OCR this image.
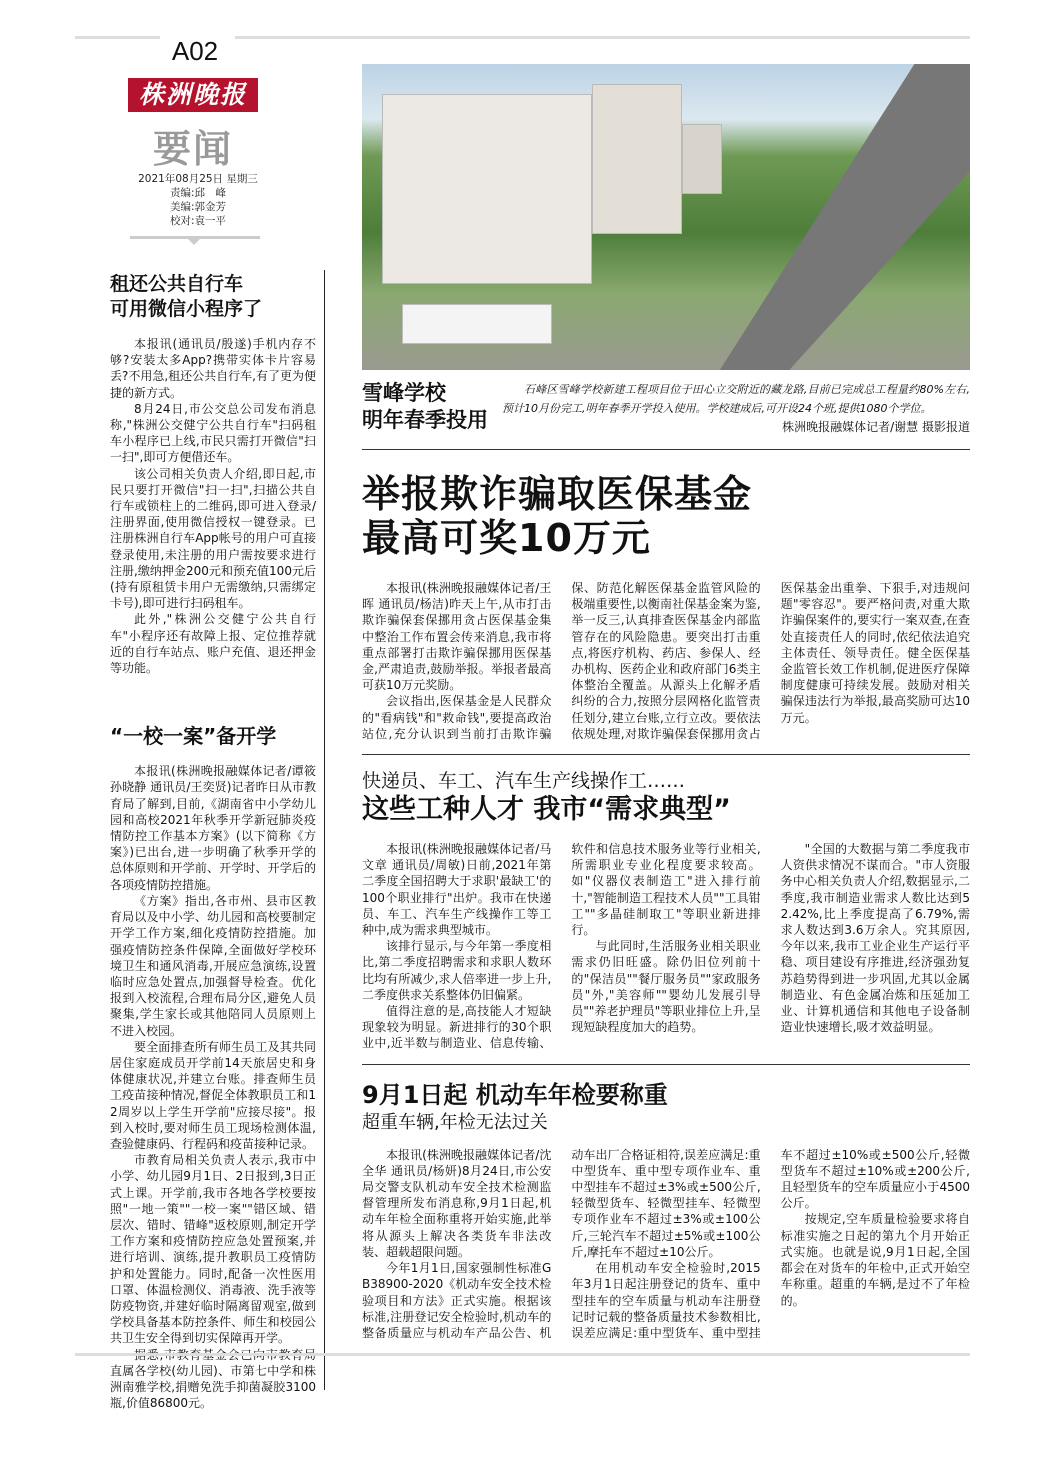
A02
株洲晚报
要闻
2021年08月25日 星期三
责编:邱　峰
美编:郭金芳
校对:袁一平
租还公共自行车
可用微信小程序了

本报讯(通讯员/殷遂)手机内存不够?安装太多App?携带实体卡片容易丢?不用急,租还公共自行车,有了更为便捷的新方式。

8月24日,市公交总公司发布消息称,"株洲公交健宁公共自行车"扫码租车小程序已上线,市民只需打开微信"扫一扫",即可方便借还车。

该公司相关负责人介绍,即日起,市民只要打开微信"扫一扫",扫描公共自行车或锁柱上的二维码,即可进入登录/注册界面,使用微信授权一键登录。已注册株洲自行车App帐号的用户可直接登录使用,未注册的用户需按要求进行注册,缴纳押金200元和预充值100元后(持有原租赁卡用户无需缴纳,只需绑定卡号),即可进行扫码租车。

此外,"株洲公交健宁公共自行车"小程序还有故障上报、定位推荐就近的自行车站点、账户充值、退还押金等功能。

“一校一案”备开学

本报讯(株洲晚报融媒体记者/谭筱 孙晓静 通讯员/王奕贤)记者昨日从市教育局了解到,目前,《湖南省中小学幼儿园和高校2021年秋季开学新冠肺炎疫情防控工作基本方案》(以下简称《方案》)已出台,进一步明确了秋季开学的总体原则和开学前、开学时、开学后的各项疫情防控措施。

《方案》指出,各市州、县市区教育局以及中小学、幼儿园和高校要制定开学工作方案,细化疫情防控措施。加强疫情防控条件保障,全面做好学校环境卫生和通风消毒,开展应急演练,设置临时应急处置点,加强督导检查。优化报到入校流程,合理布局分区,避免人员聚集,学生家长或其他陪同人员原则上不进入校园。

要全面排查所有师生员工及其共同居住家庭成员开学前14天旅居史和身体健康状况,并建立台账。排查师生员工疫苗接种情况,督促全体教职员工和12周岁以上学生开学前"应接尽接"。报到入校时,要对师生员工现场检测体温,查验健康码、行程码和疫苗接种记录。

市教育局相关负责人表示,我市中小学、幼儿园9月1日、2日报到,3日正式上课。开学前,我市各地各学校要按照"一地一策""一校一案""错区域、错层次、错时、错峰"返校原则,制定开学工作方案和疫情防控应急处置预案,并进行培训、演练,提升教职员工疫情防护和处置能力。同时,配备一次性医用口罩、体温检测仪、消毒液、洗手液等防疫物资,并建好临时隔离留观室,做到学校具备基本防控条件、师生和校园公共卫生安全得到切实保障再开学。

直属各学校(幼儿园)、市第七中学和株洲南雅学校,捐赠免洗手抑菌凝胶3100瓶,价值86800元。

雪峰学校
明年春季投用

石峰区雪峰学校新建工程项目位于田心立交附近的藏龙路,目前已完成总工程量约80%左右,预计10月份完工,明年春季开学投入使用。学校建成后,可开设24个班,提供1080个学位。

株洲晚报融媒体记者/谢慧 摄影报道
举报欺诈骗取医保基金
最高可奖10万元

本报讯(株洲晚报融媒体记者/王晖 通讯员/杨洁)昨天上午,从市打击欺诈骗保套保挪用贪占医保基金集中整治工作布置会传来消息,我市将重点部署打击欺诈骗保挪用医保基金,严肃追责,鼓励举报。举报者最高可获10万元奖励。

会议指出,医保基金是人民群众的"看病钱"和"救命钱",要提高政治站位,充分认识到当前打击欺诈骗保、防范化解医保基金监管风险的极端重要性,以衡南社保基金案为鉴,举一反三,认真排查医保基金内部监管存在的风险隐患。要突出打击重点,将医疗机构、药店、参保人、经办机构、医药企业和政府部门6类主体整治全覆盖。从源头上化解矛盾纠纷的合力,按照分层网格化监管责任划分,建立台账,立行立改。要依法依规处理,对欺诈骗保套保挪用贪占医保基金出重拳、下狠手,对违规问题"零容忍"。要严格问责,对重大欺诈骗保案件的,要实行一案双查,在查处直接责任人的同时,依纪依法追究主体责任、领导责任。健全医保基金监管长效工作机制,促进医疗保障制度健康可持续发展。鼓励对相关骗保违法行为举报,最高奖励可达10万元。

快递员、车工、汽车生产线操作工……
这些工种人才 我市“需求典型”

本报讯(株洲晚报融媒体记者/马文章 通讯员/周敏)日前,2021年第二季度全国招聘大于求职'最缺工'的100个职业排行"出炉。我市在快递员、车工、汽车生产线操作工等工种中,成为需求典型城市。

该排行显示,与今年第一季度相比,第二季度招聘需求和求职人数环比均有所减少,求人倍率进一步上升,二季度供求关系整体仍旧偏紧。

值得注意的是,高技能人才短缺现象较为明显。新进排行的30个职业中,近半数与制造业、信息传输、软件和信息技术服务业等行业相关,所需职业专业化程度要求较高。如"仪器仪表制造工"进入排行前十,"智能制造工程技术人员""工具钳工""多晶硅制取工"等职业新进排行。

与此同时,生活服务业相关职业需求仍旧旺盛。除仍旧位列前十的"保洁员""餐厅服务员""家政服务员"外,"美容师""婴幼儿发展引导员""养老护理员"等职业排位上升,呈现短缺程度加大的趋势。

"全国的大数据与第二季度我市人资供求情况不谋而合。"市人资服务中心相关负责人介绍,数据显示,二季度,我市制造业需求人数比达到52.42%,比上季度提高了6.79%,需求人数达到3.6万余人。究其原因,今年以来,我市工业企业生产运行平稳、项目建设有序推进,经济强劲复苏趋势得到进一步巩固,尤其以金属制造业、有色金属冶炼和压延加工业、计算机通信和其他电子设备制造业快速增长,吸才效益明显。

9月1日起 机动车年检要称重
超重车辆,年检无法过关

本报讯(株洲晚报融媒体记者/沈全华 通讯员/杨妍)8月24日,市公安局交警支队机动车安全技术检测监督管理所发布消息称,9月1日起,机动车年检全面称重将开始实施,此举将从源头上解决各类货车非法改装、超载超限问题。

今年1月1日,国家强制性标准GB38900-2020《机动车安全技术检验项目和方法》正式实施。根据该标准,注册登记安全检验时,机动车的整备质量应与机动车产品公告、机动车出厂合格证相符,误差应满足:重中型货车、重中型专项作业车、重中型挂车不超过±3%或±500公斤,轻微型货车、轻微型挂车、轻微型专项作业车不超过±3%或±100公斤,三轮汽车不超过±5%或±100公斤,摩托车不超过±10公斤。

在用机动车安全检验时,2015年3月1日起注册登记的货车、重中型挂车的空车质量与机动车注册登记时记载的整备质量技术参数相比,误差应满足:重中型货车、重中型挂车不超过±10%或±500公斤,轻微型货车不超过±10%或±200公斤,且轻型货车的空车质量应小于4500公斤。

按规定,空车质量检验要求将自标准实施之日起的第九个月开始正式实施。也就是说,9月1日起,全国都会在对货车的年检中,正式开始空车称重。超重的车辆,是过不了年检的。
